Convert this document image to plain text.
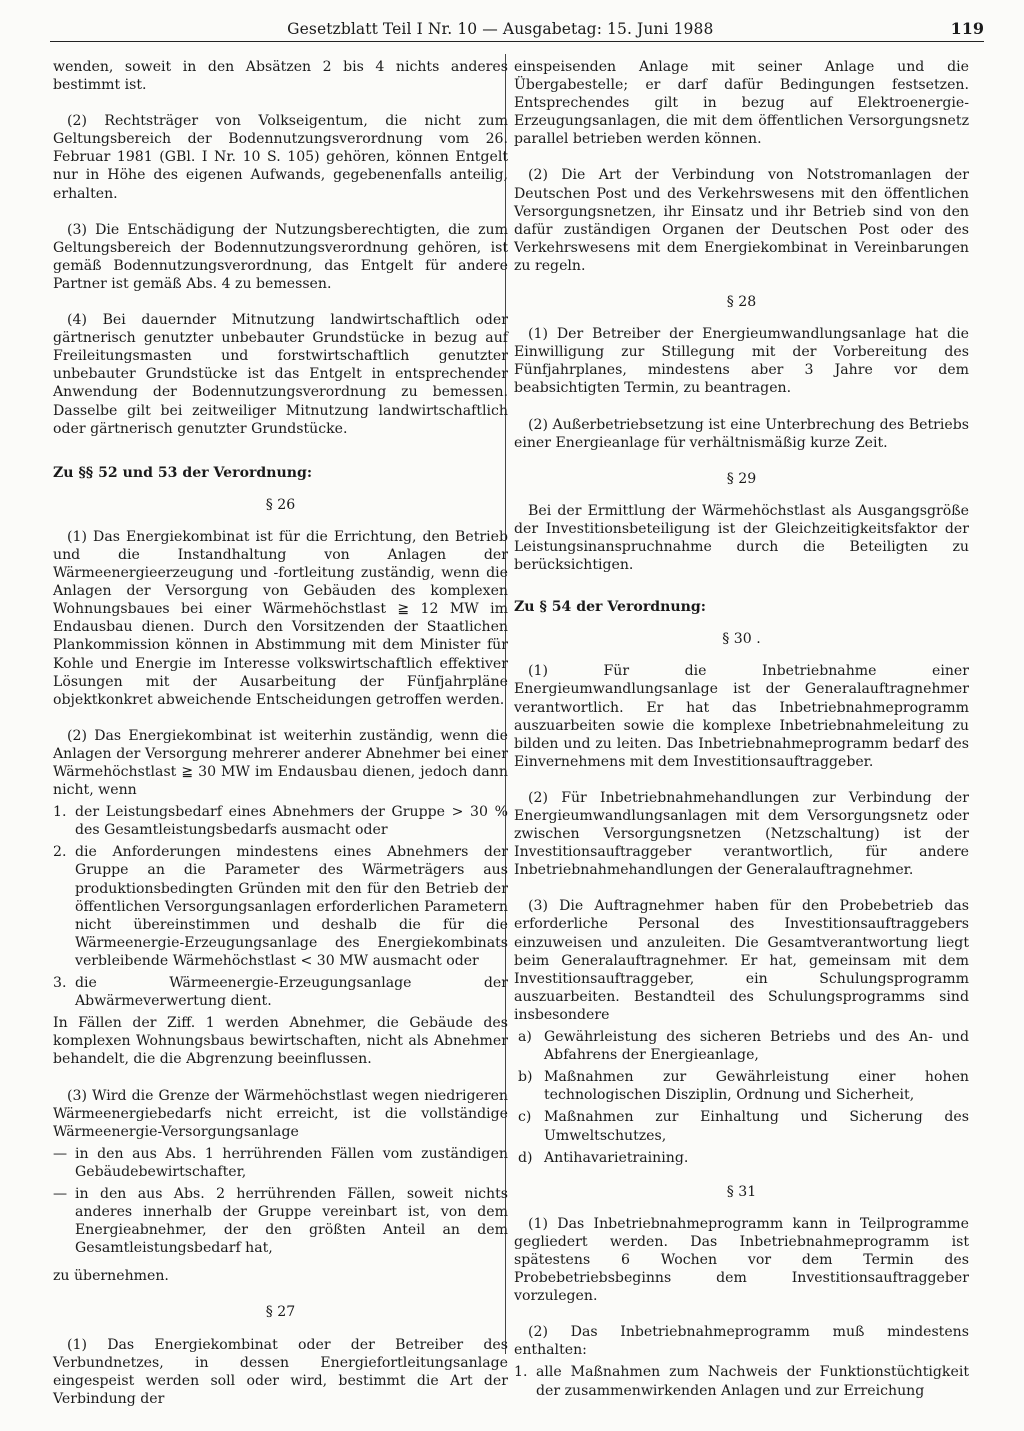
Gesetzblatt Teil I Nr. 10 — Ausgabetag: 15. Juni 1988	119

wenden, soweit in den Absätzen 2 bis 4 nichts anderes bestimmt ist.

(2) Rechtsträger von Volkseigentum, die nicht zum Geltungsbereich der Bodennutzungsverordnung vom 26. Februar 1981 (GBl. I Nr. 10 S. 105) gehören, können Entgelt nur in Höhe des eigenen Aufwands, gegebenenfalls anteilig, erhalten.

(3) Die Entschädigung der Nutzungsberechtigten, die zum Geltungsbereich der Bodennutzungsverordnung gehören, ist gemäß Bodennutzungsverordnung, das Entgelt für andere Partner ist gemäß Abs. 4 zu bemessen.

(4) Bei dauernder Mitnutzung landwirtschaftlich oder gärtnerisch genutzter unbebauter Grundstücke in bezug auf Freileitungsmasten und forstwirtschaftlich genutzter unbebauter Grundstücke ist das Entgelt in entsprechender Anwendung der Bodennutzungsverordnung zu bemessen. Dasselbe gilt bei zeitweiliger Mitnutzung landwirtschaftlich oder gärtnerisch genutzter Grundstücke.

Zu §§ 52 und 53 der Verordnung:
§ 26

(1) Das Energiekombinat ist für die Errichtung, den Betrieb und die Instandhaltung von Anlagen der Wärmeenergieerzeugung und -fortleitung zuständig, wenn die Anlagen der Versorgung von Gebäuden des komplexen Wohnungsbaues bei einer Wärmehöchstlast ≧ 12 MW im Endausbau dienen. Durch den Vorsitzenden der Staatlichen Plankommission können in Abstimmung mit dem Minister für Kohle und Energie im Interesse volkswirtschaftlich effektiver Lösungen mit der Ausarbeitung der Fünfjahrpläne objektkonkret abweichende Entscheidungen getroffen werden.

(2) Das Energiekombinat ist weiterhin zuständig, wenn die Anlagen der Versorgung mehrerer anderer Abnehmer bei einer Wärmehöchstlast ≧ 30 MW im Endausbau dienen, jedoch dann nicht, wenn

1. der Leistungsbedarf eines Abnehmers der Gruppe > 30 % des Gesamtleistungsbedarfs ausmacht oder
2. die Anforderungen mindestens eines Abnehmers der Gruppe an die Parameter des Wärmeträgers aus produktionsbedingten Gründen mit den für den Betrieb der öffentlichen Versorgungsanlagen erforderlichen Parametern nicht übereinstimmen und deshalb die für die Wärmeenergie-Erzeugungsanlage des Energiekombinats verbleibende Wärmehöchstlast < 30 MW ausmacht oder
3. die Wärmeenergie-Erzeugungsanlage der Abwärmeverwertung dient.

In Fällen der Ziff. 1 werden Abnehmer, die Gebäude des komplexen Wohnungsbaus bewirtschaften, nicht als Abnehmer behandelt, die die Abgrenzung beeinflussen.

(3) Wird die Grenze der Wärmehöchstlast wegen niedrigeren Wärmeenergiebedarfs nicht erreicht, ist die vollständige Wärmeenergie-Versorgungsanlage

— in den aus Abs. 1 herrührenden Fällen vom zuständigen Gebäudebewirtschafter,
— in den aus Abs. 2 herrührenden Fällen, soweit nichts anderes innerhalb der Gruppe vereinbart ist, von dem Energieabnehmer, der den größten Anteil an dem Gesamtleistungsbedarf hat,

zu übernehmen.

§ 27

(1) Das Energiekombinat oder der Betreiber des Verbundnetzes, in dessen Energiefortleitungsanlage eingespeist werden soll oder wird, bestimmt die Art der Verbindung der

einspeisenden Anlage mit seiner Anlage und die Übergabestelle; er darf dafür Bedingungen festsetzen. Entsprechendes gilt in bezug auf Elektroenergie-Erzeugungsanlagen, die mit dem öffentlichen Versorgungsnetz parallel betrieben werden können.

(2) Die Art der Verbindung von Notstromanlagen der Deutschen Post und des Verkehrswesens mit den öffentlichen Versorgungsnetzen, ihr Einsatz und ihr Betrieb sind von den dafür zuständigen Organen der Deutschen Post oder des Verkehrswesens mit dem Energiekombinat in Vereinbarungen zu regeln.

§ 28

(1) Der Betreiber der Energieumwandlungsanlage hat die Einwilligung zur Stillegung mit der Vorbereitung des Fünfjahrplanes, mindestens aber 3 Jahre vor dem beabsichtigten Termin, zu beantragen.

(2) Außerbetriebsetzung ist eine Unterbrechung des Betriebs einer Energieanlage für verhältnismäßig kurze Zeit.

§ 29

Bei der Ermittlung der Wärmehöchstlast als Ausgangsgröße der Investitionsbeteiligung ist der Gleichzeitigkeitsfaktor der Leistungsinanspruchnahme durch die Beteiligten zu berücksichtigen.

Zu § 54 der Verordnung:
§ 30 .

(1) Für die Inbetriebnahme einer Energieumwandlungsanlage ist der Generalauftragnehmer verantwortlich. Er hat das Inbetriebnahmeprogramm auszuarbeiten sowie die komplexe Inbetriebnahmeleitung zu bilden und zu leiten. Das Inbetriebnahmeprogramm bedarf des Einvernehmens mit dem Investitionsauftraggeber.

(2) Für Inbetriebnahmehandlungen zur Verbindung der Energieumwandlungsanlagen mit dem Versorgungsnetz oder zwischen Versorgungsnetzen (Netzschaltung) ist der Investitionsauftraggeber verantwortlich, für andere Inbetriebnahmehandlungen der Generalauftragnehmer.

(3) Die Auftragnehmer haben für den Probebetrieb das erforderliche Personal des Investitionsauftraggebers einzuweisen und anzuleiten. Die Gesamtverantwortung liegt beim Generalauftragnehmer. Er hat, gemeinsam mit dem Investitionsauftraggeber, ein Schulungsprogramm auszuarbeiten. Bestandteil des Schulungsprogramms sind insbesondere

a) Gewährleistung des sicheren Betriebs und des An- und Abfahrens der Energieanlage,
b) Maßnahmen zur Gewährleistung einer hohen technologischen Disziplin, Ordnung und Sicherheit,
c) Maßnahmen zur Einhaltung und Sicherung des Umweltschutzes,
d) Antihavarietraining.
§ 31

(1) Das Inbetriebnahmeprogramm kann in Teilprogramme gegliedert werden. Das Inbetriebnahmeprogramm ist spätestens 6 Wochen vor dem Termin des Probebetriebsbeginns dem Investitionsauftraggeber vorzulegen.

(2) Das Inbetriebnahmeprogramm muß mindestens enthalten:

1. alle Maßnahmen zum Nachweis der Funktionstüchtigkeit der zusammenwirkenden Anlagen und zur Erreichung
